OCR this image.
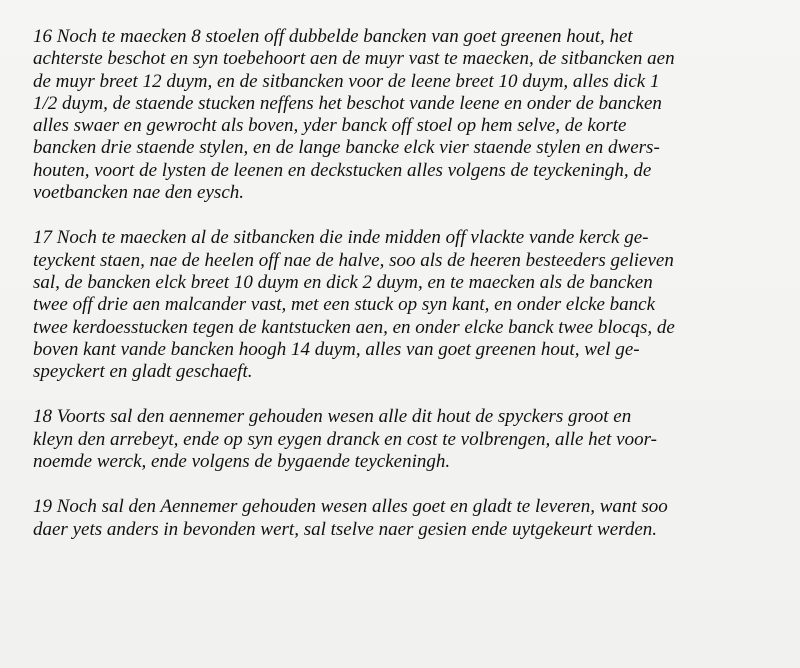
16 Noch te maecken 8 stoelen off dubbelde bancken van goet greenen hout, het
achterste beschot en syn toebehoort aen de muyr vast te maecken, de sitbancken aen
de muyr breet 12 duym, en de sitbancken voor de leene breet 10 duym, alles dick 1
1/2 duym, de staende stucken neffens het beschot vande leene en onder de bancken
alles swaer en gewrocht als boven, yder banck off stoel op hem selve, de korte
bancken drie staende stylen, en de lange bancke elck vier staende stylen en dwers-
houten, voort de lysten de leenen en deckstucken alles volgens de teyckeningh, de
voetbancken nae den eysch.
17 Noch te maecken al de sitbancken die inde midden off vlackte vande kerck ge-
teyckent staen, nae de heelen off nae de halve, soo als de heeren besteeders gelieven
sal, de bancken elck breet 10 duym en dick 2 duym, en te maecken als de bancken
twee off drie aen malcander vast, met een stuck op syn kant, en onder elcke banck
twee kerdoesstucken tegen de kantstucken aen, en onder elcke banck twee blocqs, de
boven kant vande bancken hoogh 14 duym, alles van goet greenen hout, wel ge-
speyckert en gladt geschaeft.
18 Voorts sal den aennemer gehouden wesen alle dit hout de spyckers groot en
kleyn den arrebeyt, ende op syn eygen dranck en cost te volbrengen, alle het voor-
noemde werck, ende volgens de bygaende teyckeningh.
19 Noch sal den Aennemer gehouden wesen alles goet en gladt te leveren, want soo
daer yets anders in bevonden wert, sal tselve naer gesien ende uytgekeurt werden.
